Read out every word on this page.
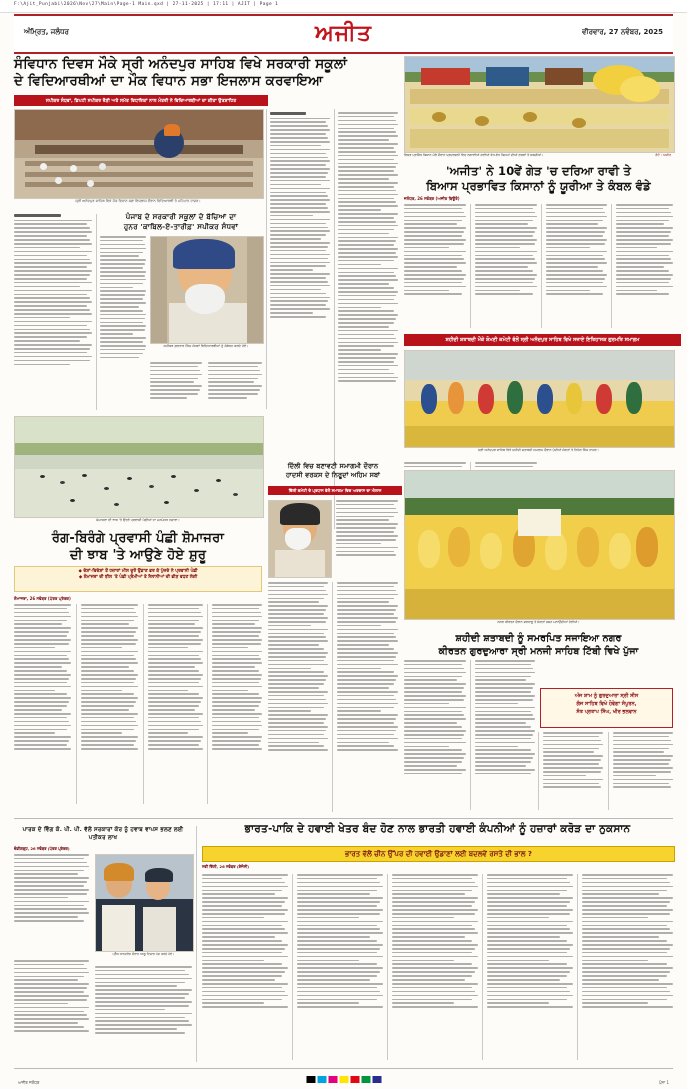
F:\Ajit_Punjabi\2026\Nov\27\Main\Page-1 Main.qxd | 27-11-2025 | 17:11 | AJIT | Page 1
ਅੰਮ੍ਰਿਤ, ਜਲੰਧਰ	ਅਜੀਤ	ਵੀਰਵਾਰ, 27 ਨਵੰਬਰ, 2025
ਸੰਵਿਧਾਨ ਦਿਵਸ ਮੌਕੇ ਸ੍ਰੀ ਅਨੰਦਪੁਰ ਸਾਹਿਬ ਵਿਖੇ ਸਰਕਾਰੀ ਸਕੂਲਾਂ
ਦੇ ਵਿਦਿਆਰਥੀਆਂ ਦਾ ਮੌਕ ਵਿਧਾਨ ਸਭਾ ਇਜਲਾਸ ਕਰਵਾਇਆ
ਸਪੀਕਰ ਸੰਧਵਾਂ, ਡਿਪਟੀ ਸਪੀਕਰ ਰੌੜੀ ਅਤੇ ਸਮੇਤ ਵਿਧਾਇਕਾਂ ਨਾਲ ਮੰਤਰੀ ਨੇ ਵਿਦਿਆਰਥੀਆਂ ਦਾ ਕੀਤਾ ਉਤਸ਼ਾਹਿਤ
ਸ੍ਰੀ ਅਨੰਦਪੁਰ ਸਾਹਿਬ ਵਿਖੇ ਮੌਕ ਵਿਧਾਨ ਸਭਾ ਇਜਲਾਸ ਦੌਰਾਨ ਵਿਦਿਆਰਥੀ ਤੇ ਮਹਿਮਾਨ ਹਾਜ਼ਰ।
ਪੰਜਾਬ ਦੇ ਸਰਕਾਰੀ ਸਕੂਲਾਂ ਦੇ ਬੱਚਿਆਂ ਦਾ
ਹੁਨਰ 'ਕਾਬਿਲ-ਏ-ਤਾਰੀਫ਼' ਸਪੀਕਰ ਸੰਧਵਾਂ
ਸਪੀਕਰ ਕੁਲਤਾਰ ਸਿੰਘ ਸੰਧਵਾਂ ਵਿਦਿਆਰਥੀਆਂ ਨੂੰ ਸੰਬੋਧਨ ਕਰਦੇ ਹੋਏ।
ਸ਼ੋਮਾਜਰਾ ਦੀ ਝਾਬ 'ਤੇ ਉਤਰੇ ਪ੍ਰਵਾਸੀ ਪੰਛੀਆਂ ਦਾ ਮਨਮੋਹਕ ਨਜ਼ਾਰਾ।
ਰੰਗ-ਬਿਰੰਗੇ ਪ੍ਰਵਾਸੀ ਪੰਛੀ ਸ਼ੋਮਾਜਰਾ
ਦੀ ਝਾਬ 'ਤੇ ਆਉਣੇ ਹੋਏ ਸ਼ੁਰੂ
◆ ਦੇਸ਼ਾਂ-ਵਿਦੇਸ਼ਾਂ ਤੋਂ ਹਜ਼ਾਰਾਂ ਮੀਲ ਦੂਰੋਂ ਉਡਾਣ ਭਰ ਕੇ ਪੁੱਜਦੇ ਨੇ ਪ੍ਰਵਾਸੀ ਪੰਛੀ
◆ ਸ਼ੋਮਾਜਰਾ ਦੀ ਝੀਲ 'ਤੇ ਪੰਛੀ ਪ੍ਰੇਮੀਆਂ ਤੇ ਸੈਲਾਨੀਆਂ ਦੀ ਭੀੜ ਵਧਣ ਲੱਗੀ
ਸ਼ੋਮਾਜਰਾ, 26 ਨਵੰਬਰ (ਪੱਤਰ ਪ੍ਰੇਰਕ)
ਦਿੱਲੀ ਵਿਚ ਬਣਾਵਟੀ ਸਮਾਗਮੀ ਦੌਰਾਨ
ਹਾਦਸੀ ਵਰਕਸ ਦੇ ਨਿਰੂਦਾਂ ਅਹਿਮ ਸਬਾਂ
ਦਿੱਲੀ ਕਮੇਟੀ ਦੇ ਪ੍ਰਧਾਨ ਵੱਲੋਂ ਸਮਾਗਮ ਵਿਚ ਅਰਦਾਸ ਦਾ ਐਲਾਨ
ਵਿਸ਼ਵ ਪ੍ਰਸਿੱਧ ਕਿਸਾਨ ਮੇਲੇ ਦੌਰਾਨ ਪ੍ਰਦਰਸ਼ਨੀ ਵਿਚ ਲਗਾਈਆਂ ਗਈਆਂ ਵੱਖ-ਵੱਖ ਕਿਸਮਾਂ ਦੀਆਂ ਫ਼ਸਲਾਂ ਤੇ ਸਬਜ਼ੀਆਂ।	ਫ਼ੋਟੋ : ਅਜੀਤ
'ਅਜੀਤ' ਨੇ 10ਵੇਂ ਗੇੜ 'ਚ ਦਰਿਆ ਰਾਵੀ ਤੇ
ਬਿਆਸ ਪ੍ਰਭਾਵਿਤ ਕਿਸਾਨਾਂ ਨੂੰ ਯੂਰੀਆ ਤੇ ਕੰਬਲ ਵੰਡੇ
ਜਲੰਧਰ, 26 ਨਵੰਬਰ (ਅਜੀਤ ਬਿਊਰੋ)
ਸ਼ਹੀਦੀ ਸ਼ਤਾਬਦੀ ਮੌਕੇ ਸ਼ੋਮਣੀ ਕਮੇਟੀ ਵੱਲੋਂ ਸ੍ਰੀ ਅਨੰਦਪੁਰ ਸਾਹਿਬ ਵਿਖੇ ਸਜਾਏ ਇਤਿਹਾਸਕ ਗੁਰਮਤਿ ਸਮਾਗਮ
ਸ੍ਰੀ ਅਨੰਦਪੁਰ ਸਾਹਿਬ ਵਿਖੇ ਸ਼ਹੀਦੀ ਸ਼ਤਾਬਦੀ ਸਮਾਗਮ ਦੌਰਾਨ ਪੁੱਜੀਆਂ ਸੰਗਤਾਂ ਤੇ ਨਿਹੰਗ ਸਿੰਘ ਹਾਜ਼ਰ।
ਨਗਰ ਕੀਰਤਨ ਦੌਰਾਨ ਸ਼ਰਧਾਲੂ ਤੇ ਸੰਗਤਾਂ ਜਸ਼ਨ ਮਨਾਉਂਦੀਆਂ ਹੋਈਆਂ।
ਸ਼ਹੀਦੀ ਸ਼ਤਾਬਦੀ ਨੂੰ ਸਮਰਪਿਤ ਸਜਾਇਆ ਨਗਰ
ਕੀਰਤਨ ਗੁਰਦੁਆਰਾ ਸ੍ਰੀ ਮਨਜੀ ਸਾਹਿਬ ਟਿੱਬੀ ਵਿਖੇ ਪੁੱਜਾ
ਅੱਜ ਸ਼ਾਮ ਨੂੰ ਗੁਰਦੁਆਰਾ ਸ੍ਰੀ ਸੀਸ
ਗੰਜ ਸਾਹਿਬ ਵਿਖੇ ਹੋਵੇਗਾ ਸੰਪੂਰਨ,
ਸੰਤ ਪ੍ਰਤਾਪ ਸਿੰਘ, ਖੀਰ ਭਲਵਾਨ
ਪਾਰਕ ਦੇ ਵਿੰਗ ਕੋ. ਪੀ. ਪੀ. ਵੱਲੋਂ ਸਰਕਾਰਾਂ ਕੋਰ ਨੂੰ ਹਵਾਬ ਵਾਪਸ ਭਲਣ ਲਈ ਪਤੀਕਰ ਲਾਖ
ਚੰਡੀਗੜ੍ਹ, 26 ਨਵੰਬਰ (ਪੱਤਰ ਪ੍ਰੇਰਕ)
ਪ੍ਰੈੱਸ ਕਾਨਫ਼ਰੰਸ ਦੌਰਾਨ ਆਗੂ ਵਿਚਾਰ ਪੇਸ਼ ਕਰਦੇ ਹੋਏ।
ਭਾਰਤ-ਪਾਕਿ ਦੇ ਹਵਾਈ ਖੇਤਰ ਬੰਦ ਹੋਣ ਨਾਲ ਭਾਰਤੀ ਹਵਾਈ ਕੰਪਨੀਆਂ ਨੂੰ ਹਜ਼ਾਰਾਂ ਕਰੋੜ ਦਾ ਨੁਕਸਾਨ
ਭਾਰਤ ਵੱਲੋਂ ਚੀਨ ਉੱਪਰ ਦੀ ਹਵਾਈ ਉਡਾਣਾਂ ਲਈ ਬਦਲਵੇਂ ਰਸਤੇ ਦੀ ਭਾਲ ?
ਨਵੀਂ ਦਿੱਲੀ, 26 ਨਵੰਬਰ (ਏਜੰਸੀ)
ਅਜੀਤ ਜਲੰਧਰ	ਪੰਨਾ 1
